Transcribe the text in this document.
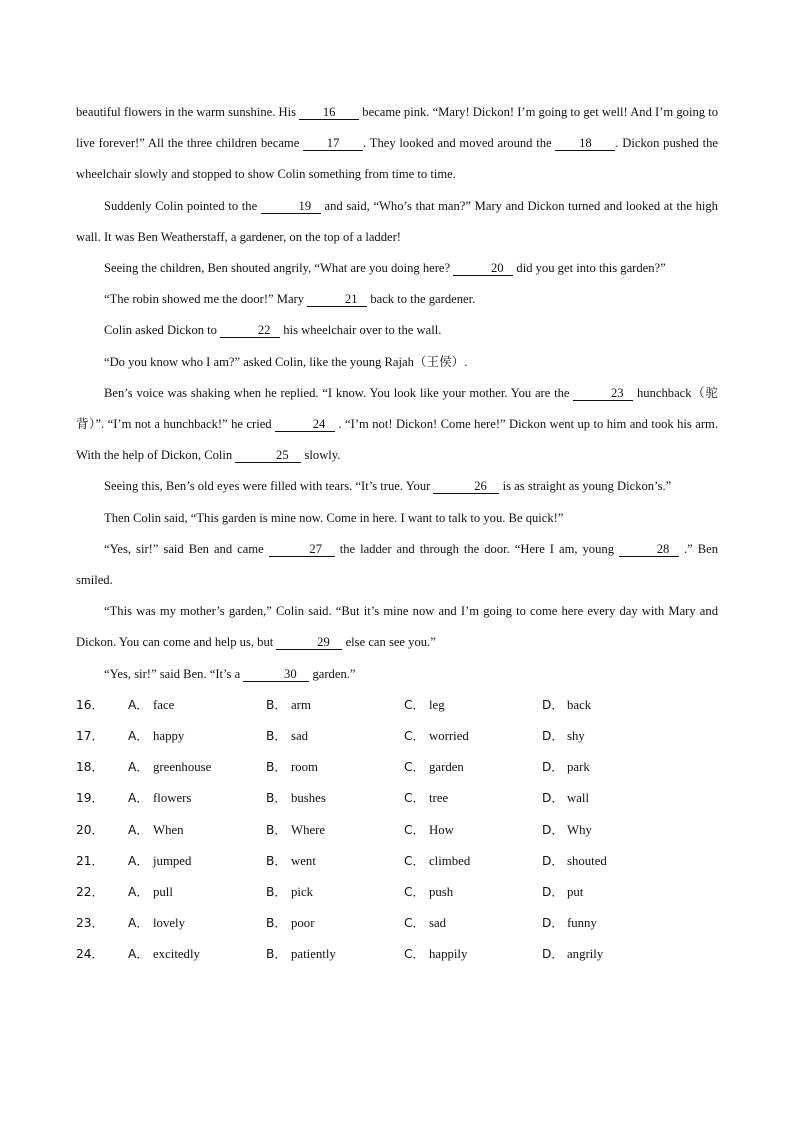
beautiful flowers in the warm sunshine. His 16 became pink. “Mary! Dickon! I’m going to get well! And I’m going to live forever!” All the three children became 17 . They looked and moved around the 18 . Dickon pushed the wheelchair slowly and stopped to show Colin something from time to time.

Suddenly Colin pointed to the	19 and said, “Who’s that man?” Mary and Dickon turned and looked at the high wall. It was Ben Weatherstaff, a gardener, on the top of a ladder!

Seeing the children, Ben shouted angrily, “What are you doing here?	20 did you get into this garden?”

“The robin showed me the door!” Mary	21 back to the gardener.

Colin asked Dickon to	22 his wheelchair over to the wall.

“Do you know who I am?” asked Colin, like the young Rajah（王侯）.

Ben’s voice was shaking when he replied. “I know. You look like your mother. You are the	23 hunchback（驼背）”. “I’m not a hunchback!” he cried	24 . “I’m not! Dickon! Come here!” Dickon went up to him and took his arm. With the help of Dickon, Colin	25 slowly.

Seeing this, Ben’s old eyes were filled with tears. “It’s true. Your	26 is as straight as young Dickon’s.”

Then Colin said, “This garden is mine now. Come in here. I want to talk to you. Be quick!”

“Yes, sir!” said Ben and came	27 the ladder and through the door. “Here I am, young	28 .” Ben smiled.

“This was my mother’s garden,” Colin said. “But it’s mine now and I’m going to come here every day with Mary and Dickon. You can come and help us, but	29 else can see you.”

“Yes, sir!” said Ben. “It’s a	30 garden.”

16．	A． face	B． arm	C． leg	D． back
17．	A． happy	B． sad	C． worried	D． shy
18．	A． greenhouse	B． room	C． garden	D． park
19．	A． flowers	B． bushes	C． tree	D． wall
20．	A． When	B． Where	C． How	D． Why
21．	A． jumped	B． went	C． climbed	D． shouted
22．	A． pull	B． pick	C． push	D． put
23．	A． lovely	B． poor	C． sad	D． funny
24．	A． excitedly	B． patiently	C． happily	D． angrily
